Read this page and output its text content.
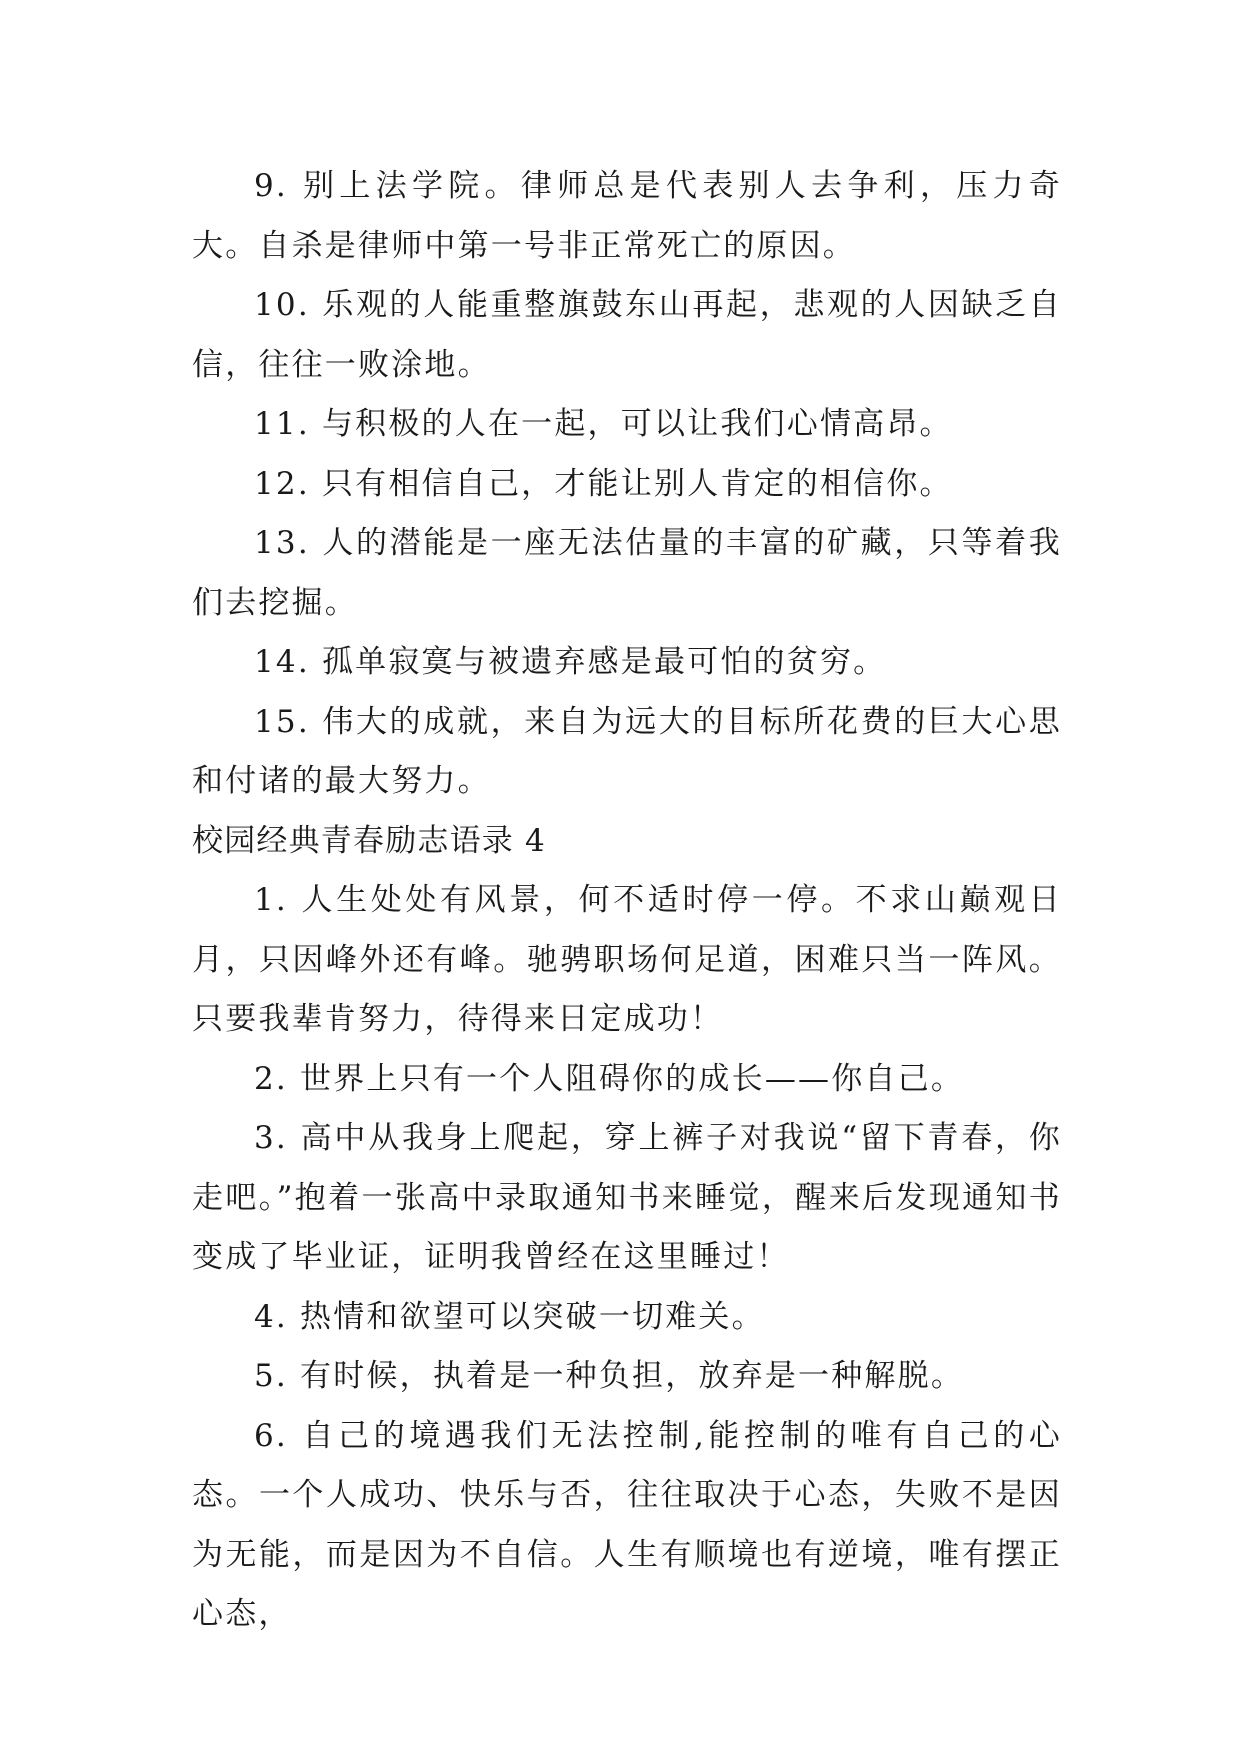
9. 别上法学院。律师总是代表别人去争利，压力奇大。自杀是律师中第一号非正常死亡的原因。

10. 乐观的人能重整旗鼓东山再起，悲观的人因缺乏自信，往往一败涂地。

11. 与积极的人在一起，可以让我们心情高昂。

12. 只有相信自己，才能让别人肯定的相信你。

13. 人的潜能是一座无法估量的丰富的矿藏，只等着我们去挖掘。

14. 孤单寂寞与被遗弃感是最可怕的贫穷。

15. 伟大的成就，来自为远大的目标所花费的巨大心思和付诸的最大努力。

校园经典青春励志语录 4

1. 人生处处有风景，何不适时停一停。不求山巅观日月，只因峰外还有峰。驰骋职场何足道，困难只当一阵风。只要我辈肯努力，待得来日定成功！

2. 世界上只有一个人阻碍你的成长——你自己。

3. 高中从我身上爬起，穿上裤子对我说“留下青春，你走吧。”抱着一张高中录取通知书来睡觉，醒来后发现通知书变成了毕业证，证明我曾经在这里睡过！

4. 热情和欲望可以突破一切难关。

5. 有时候，执着是一种负担，放弃是一种解脱。

6. 自己的境遇我们无法控制,能控制的唯有自己的心态。一个人成功、快乐与否，往往取决于心态，失败不是因为无能，而是因为不自信。人生有顺境也有逆境，唯有摆正心态，
